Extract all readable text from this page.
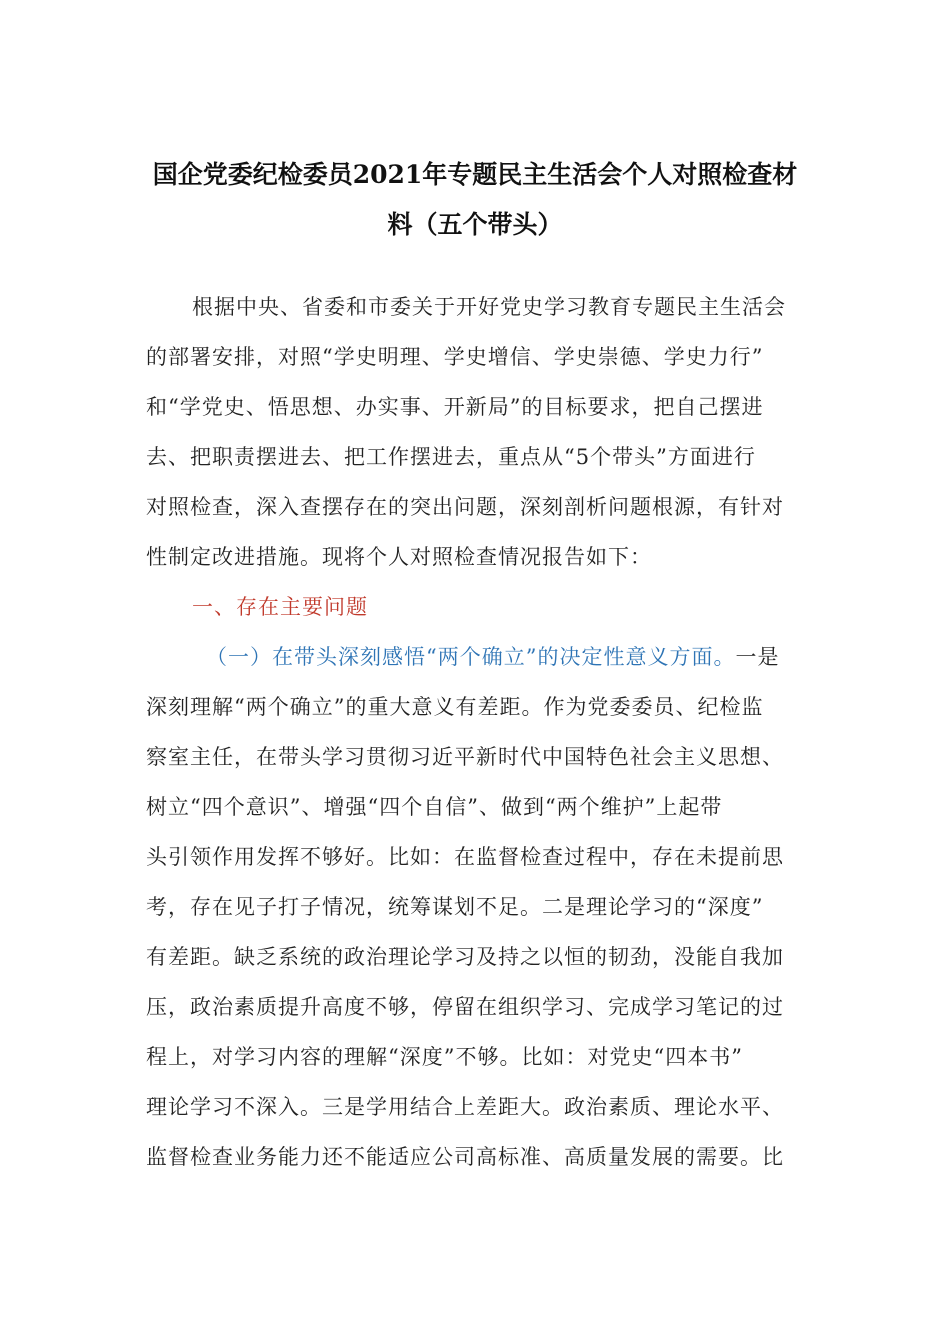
国企党委纪检委员2021年专题民主生活会个人对照检查材
料（五个带头）
根据中央、省委和市委关于开好党史学习教育专题民主生活会
的部署安排，对照“学史明理、学史增信、学史崇德、学史力行”
和“学党史、悟思想、办实事、开新局”的目标要求，把自己摆进
去、把职责摆进去、把工作摆进去，重点从“5个带头”方面进行
对照检查，深入查摆存在的突出问题，深刻剖析问题根源，有针对
性制定改进措施。现将个人对照检查情况报告如下：
一、存在主要问题
（一）在带头深刻感悟“两个确立”的决定性意义方面。一是
深刻理解“两个确立”的重大意义有差距。作为党委委员、纪检监
察室主任，在带头学习贯彻习近平新时代中国特色社会主义思想、
树立“四个意识”、增强“四个自信”、做到“两个维护”上起带
头引领作用发挥不够好。比如：在监督检查过程中，存在未提前思
考，存在见子打子情况，统筹谋划不足。二是理论学习的“深度”
有差距。缺乏系统的政治理论学习及持之以恒的韧劲，没能自我加
压，政治素质提升高度不够，停留在组织学习、完成学习笔记的过
程上，对学习内容的理解“深度”不够。比如：对党史“四本书”
理论学习不深入。三是学用结合上差距大。政治素质、理论水平、
监督检查业务能力还不能适应公司高标准、高质量发展的需要。比
